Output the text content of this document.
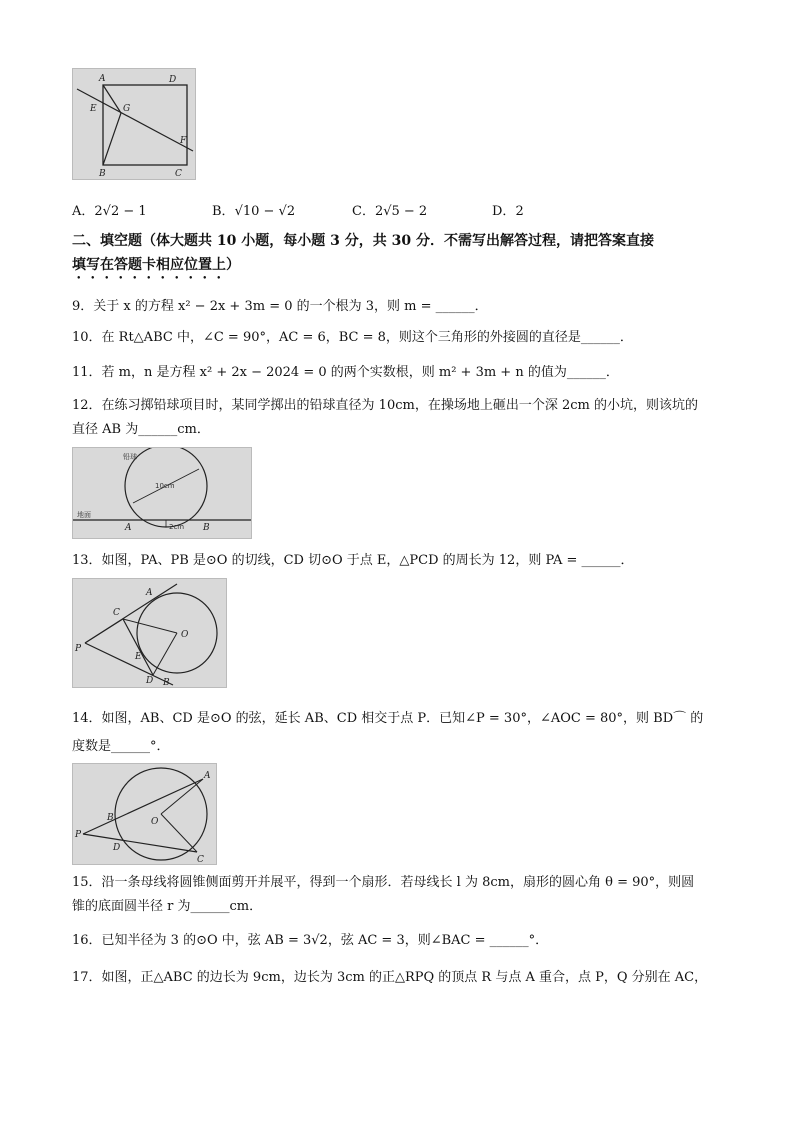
A	D
E	G
F
B	C
A．2√2 − 1	B．√10 − √2	C．2√5 − 2	D．2
二、填空题（体大题共 10 小题，每小题 3 分，共 30 分．不需写出解答过程，请把答案直接
填写在答题卡相应位置上）
9．关于 x 的方程 x² − 2x + 3m = 0 的一个根为 3，则 m = ______．
10．在 Rt△ABC 中，∠C = 90°，AC = 6，BC = 8，则这个三角形的外接圆的直径是______．
11．若 m，n 是方程 x² + 2x − 2024 = 0 的两个实数根，则 m² + 3m + n 的值为______．
12．在练习掷铅球项目时，某同学掷出的铅球直径为 10cm，在操场地上砸出一个深 2cm 的小坑，则该坑的
直径 AB 为______cm．
铅球
10cm
地面
2cm
A	B
13．如图，PA、PB 是⊙O 的切线，CD 切⊙O 于点 E，△PCD 的周长为 12，则 PA = ______．
A
C
O
P
E
D B
14．如图，AB、CD 是⊙O 的弦，延长 AB、CD 相交于点 P．已知∠P = 30°，∠AOC = 80°，则 BD⌒ 的
度数是______°．
A
O
B
P
D
C
15．沿一条母线将圆锥侧面剪开并展平，得到一个扇形．若母线长 l 为 8cm，扇形的圆心角 θ = 90°，则圆
锥的底面圆半径 r 为______cm．
16．已知半径为 3 的⊙O 中，弦 AB = 3√2，弦 AC = 3，则∠BAC = ______°．
17．如图，正△ABC 的边长为 9cm，边长为 3cm 的正△RPQ 的顶点 R 与点 A 重合，点 P，Q 分别在 AC，
